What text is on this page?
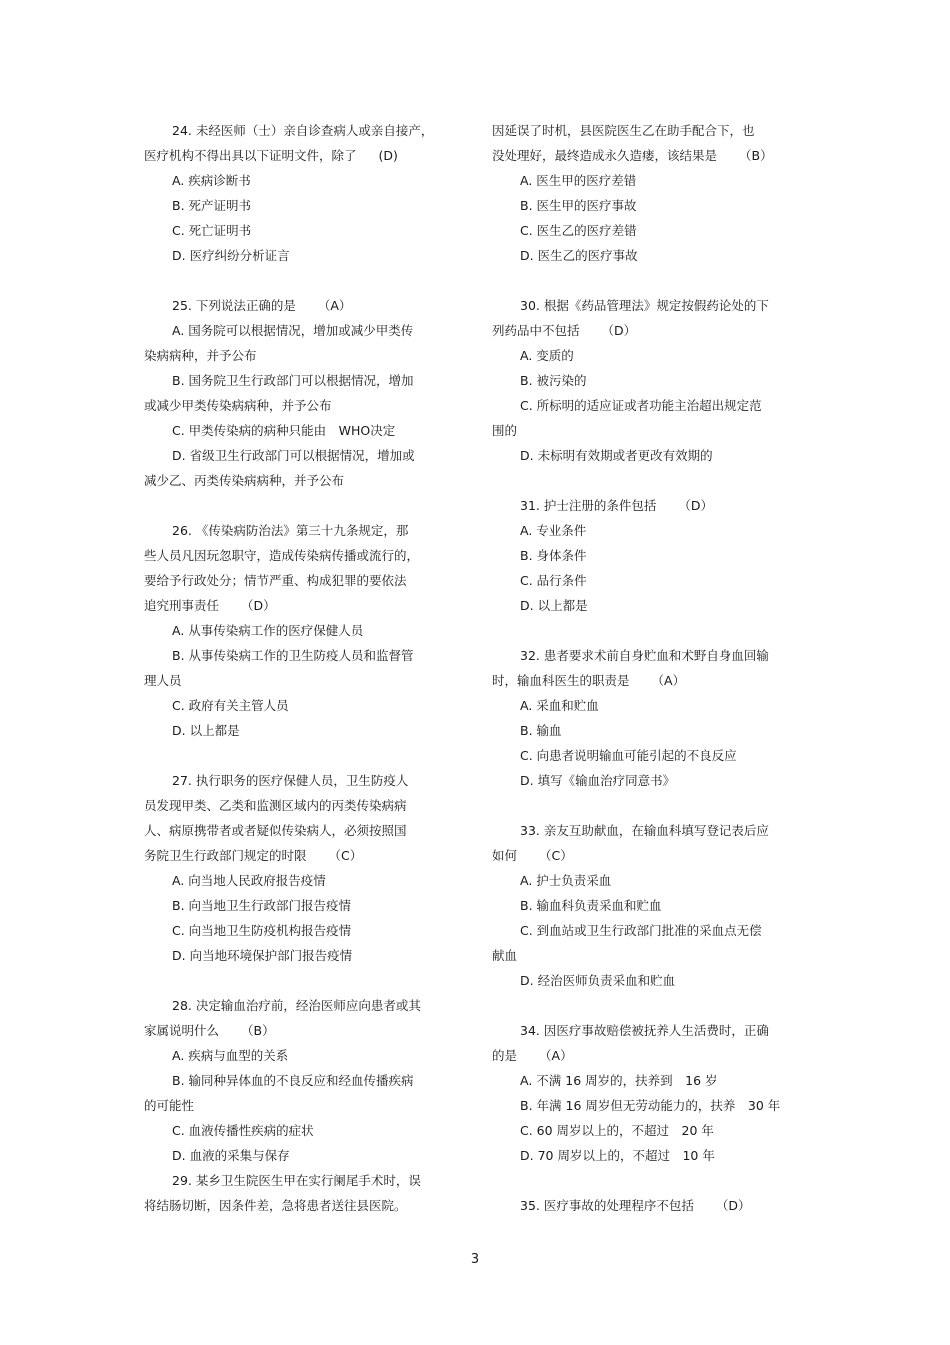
24. 未经医师（士）亲自诊查病人或亲自接产，
医疗机构不得出具以下证明文件，除了 (D)
A. 疾病诊断书
B. 死产证明书
C. 死亡证明书
D. 医疗纠纷分析证言
25. 下列说法正确的是 （A）
A. 国务院可以根据情况，增加或减少甲类传
染病病种，并予公布
B. 国务院卫生行政部门可以根据情况，增加
或减少甲类传染病病种，并予公布
C. 甲类传染病的病种只能由　WHO决定
D. 省级卫生行政部门可以根据情况，增加或
减少乙、丙类传染病病种，并予公布
26. 《传染病防治法》第三十九条规定，那
些人员凡因玩忽职守，造成传染病传播或流行的，
要给予行政处分；情节严重、构成犯罪的要依法
追究刑事责任 （D）
A. 从事传染病工作的医疗保健人员
B. 从事传染病工作的卫生防疫人员和监督管
理人员
C. 政府有关主管人员
D. 以上都是
27. 执行职务的医疗保健人员，卫生防疫人
员发现甲类、乙类和监测区域内的丙类传染病病
人、病原携带者或者疑似传染病人，必须按照国
务院卫生行政部门规定的时限 （C）
A. 向当地人民政府报告疫情
B. 向当地卫生行政部门报告疫情
C. 向当地卫生防疫机构报告疫情
D. 向当地环境保护部门报告疫情
28. 决定输血治疗前，经治医师应向患者或其
家属说明什么 （B）
A. 疾病与血型的关系
B. 输同种异体血的不良反应和经血传播疾病
的可能性
C. 血液传播性疾病的症状
D. 血液的采集与保存
29. 某乡卫生院医生甲在实行阑尾手术时，误
将结肠切断，因条件差，急将患者送往县医院。
因延误了时机，县医院医生乙在助手配合下，也
没处理好，最终造成永久造瘘，该结果是 （B）
A. 医生甲的医疗差错
B. 医生甲的医疗事故
C. 医生乙的医疗差错
D. 医生乙的医疗事故
30. 根据《药品管理法》规定按假药论处的下
列药品中不包括 （D）
A. 变质的
B. 被污染的
C. 所标明的适应证或者功能主治超出规定范
围的
D. 未标明有效期或者更改有效期的
31. 护士注册的条件包括 （D）
A. 专业条件
B. 身体条件
C. 品行条件
D. 以上都是
32. 患者要求术前自身贮血和术野自身血回输
时，输血科医生的职责是 （A）
A. 采血和贮血
B. 输血
C. 向患者说明输血可能引起的不良反应
D. 填写《输血治疗同意书》
33. 亲友互助献血，在输血科填写登记表后应
如何 （C）
A. 护士负责采血
B. 输血科负责采血和贮血
C. 到血站或卫生行政部门批准的采血点无偿
献血
D. 经治医师负责采血和贮血
34. 因医疗事故赔偿被抚养人生活费时，正确
的是 （A）
A. 不满 16 周岁的，扶养到　16 岁
B. 年满 16 周岁但无劳动能力的，扶养　30 年
C. 60 周岁以上的，不超过　20 年
D. 70 周岁以上的，不超过　10 年
35. 医疗事故的处理程序不包括 （D）
3
